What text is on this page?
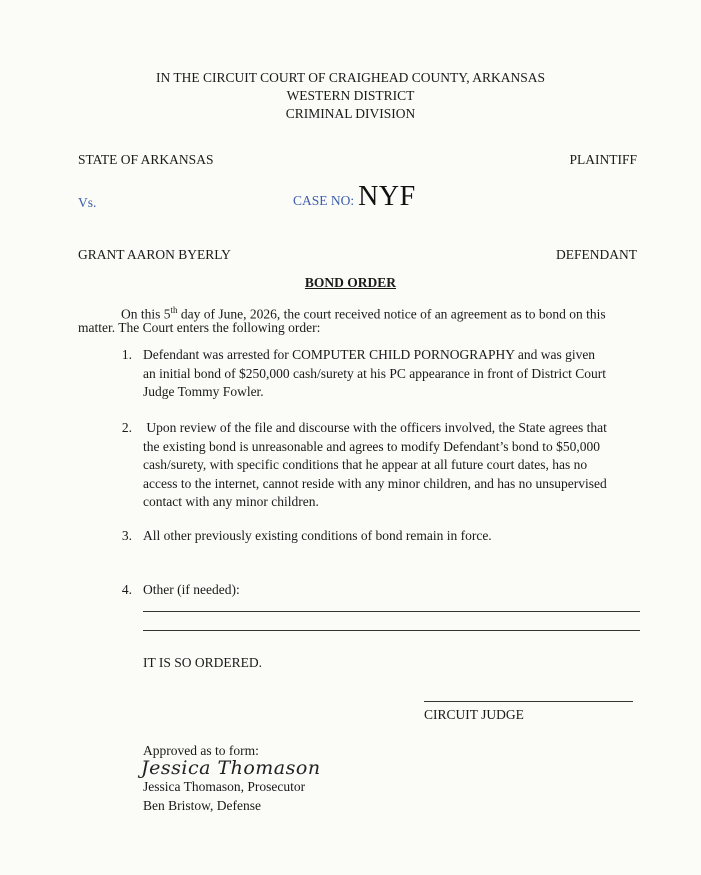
IN THE CIRCUIT COURT OF CRAIGHEAD COUNTY, ARKANSAS
WESTERN DISTRICT
CRIMINAL DIVISION
STATE OF ARKANSAS	PLAINTIFF
Vs.	CASE NO: NYF
GRANT AARON BYERLY	DEFENDANT
BOND ORDER
On this 5th day of June, 2026, the court received notice of an agreement as to bond on this
matter. The Court enters the following order:
1. Defendant was arrested for COMPUTER CHILD PORNOGRAPHY and was given
an initial bond of $250,000 cash/surety at his PC appearance in front of District Court
Judge Tommy Fowler.
2. Upon review of the file and discourse with the officers involved, the State agrees that
the existing bond is unreasonable and agrees to modify Defendant’s bond to $50,000
cash/surety, with specific conditions that he appear at all future court dates, has no
access to the internet, cannot reside with any minor children, and has no unsupervised
contact with any minor children.
3. All other previously existing conditions of bond remain in force.
4. Other (if needed):
IT IS SO ORDERED.
CIRCUIT JUDGE
Approved as to form:
Jessica Thomason
Jessica Thomason, Prosecutor
Ben Bristow, Defense
